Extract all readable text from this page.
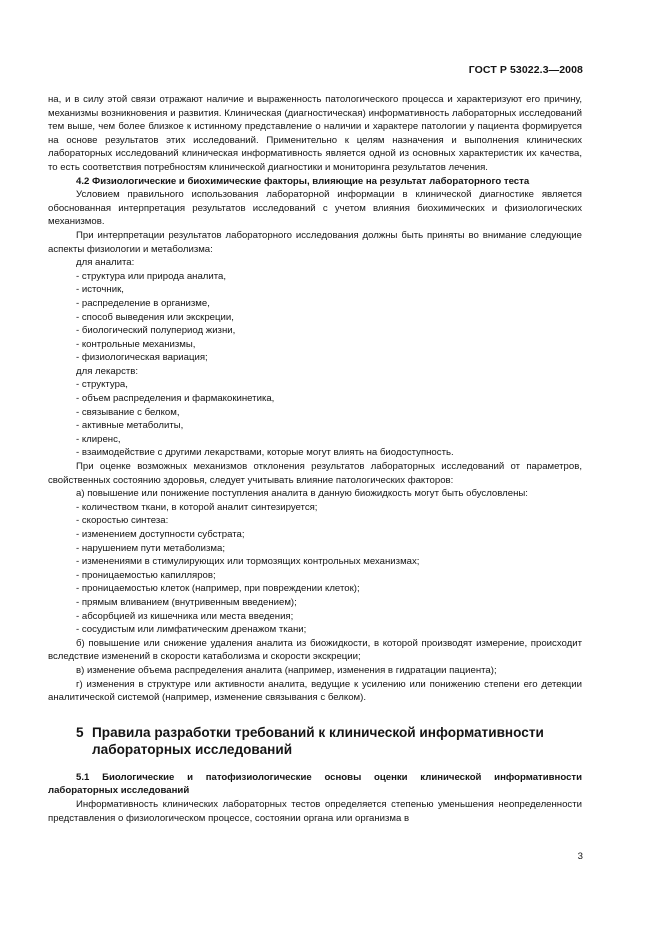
ГОСТ Р 53022.3—2008

на, и в силу этой связи отражают наличие и выраженность патологического процесса и характеризуют его причину, механизмы возникновения и развития. Клиническая (диагностическая) информативность лабораторных исследований тем выше, чем более близкое к истинному представление о наличии и характере патологии у пациента формируется на основе результатов этих исследований. Применительно к целям назначения и выполнения клинических лабораторных исследований клиническая информативность является одной из основных характеристик их качества, то есть соответствия потребностям клинической диагностики и мониторинга результатов лечения.

4.2 Физиологические и биохимические факторы, влияющие на результат лабораторного теста

Условием правильного использования лабораторной информации в клинической диагностике является обоснованная интерпретация результатов исследований с учетом влияния биохимических и физиологических механизмов.

При интерпретации результатов лабораторного исследования должны быть приняты во внимание следующие аспекты физиологии и метаболизма:

для аналита:

- структура или природа аналита,

- источник,

- распределение в организме,

- способ выведения или экскреции,

- биологический полупериод жизни,

- контрольные механизмы,

- физиологическая вариация;

для лекарств:

- структура,

- объем распределения и фармакокинетика,

- связывание с белком,

- активные метаболиты,

- клиренс,

- взаимодействие с другими лекарствами, которые могут влиять на биодоступность.

При оценке возможных механизмов отклонения результатов лабораторных исследований от параметров, свойственных состоянию здоровья, следует учитывать влияние патологических факторов:

а) повышение или понижение поступления аналита в данную биожидкость могут быть обусловлены:

- количеством ткани, в которой аналит синтезируется;

- скоростью синтеза:

- изменением доступности субстрата;

- нарушением пути метаболизма;

- изменениями в стимулирующих или тормозящих контрольных механизмах;

- проницаемостью капилляров;

- проницаемостью клеток (например, при повреждении клеток);

- прямым вливанием (внутривенным введением);

- абсорбцией из кишечника или места введения;

- сосудистым или лимфатическим дренажом ткани;

б) повышение или снижение удаления аналита из биожидкости, в которой производят измерение, происходит вследствие изменений в скорости катаболизма и скорости экскреции;

в) изменение объема распределения аналита (например, изменения в гидратации пациента);

г) изменения в структуре или активности аналита, ведущие к усилению или понижению степени его детекции аналитической системой (например, изменение связывания с белком).

5 Правила разработки требований к клинической информативности
лабораторных исследований

5.1 Биологические и патофизиологические основы оценки клинической информативности лабораторных исследований

Информативность клинических лабораторных тестов определяется степенью уменьшения неопределенности представления о физиологическом процессе, состоянии органа или организма в

3
